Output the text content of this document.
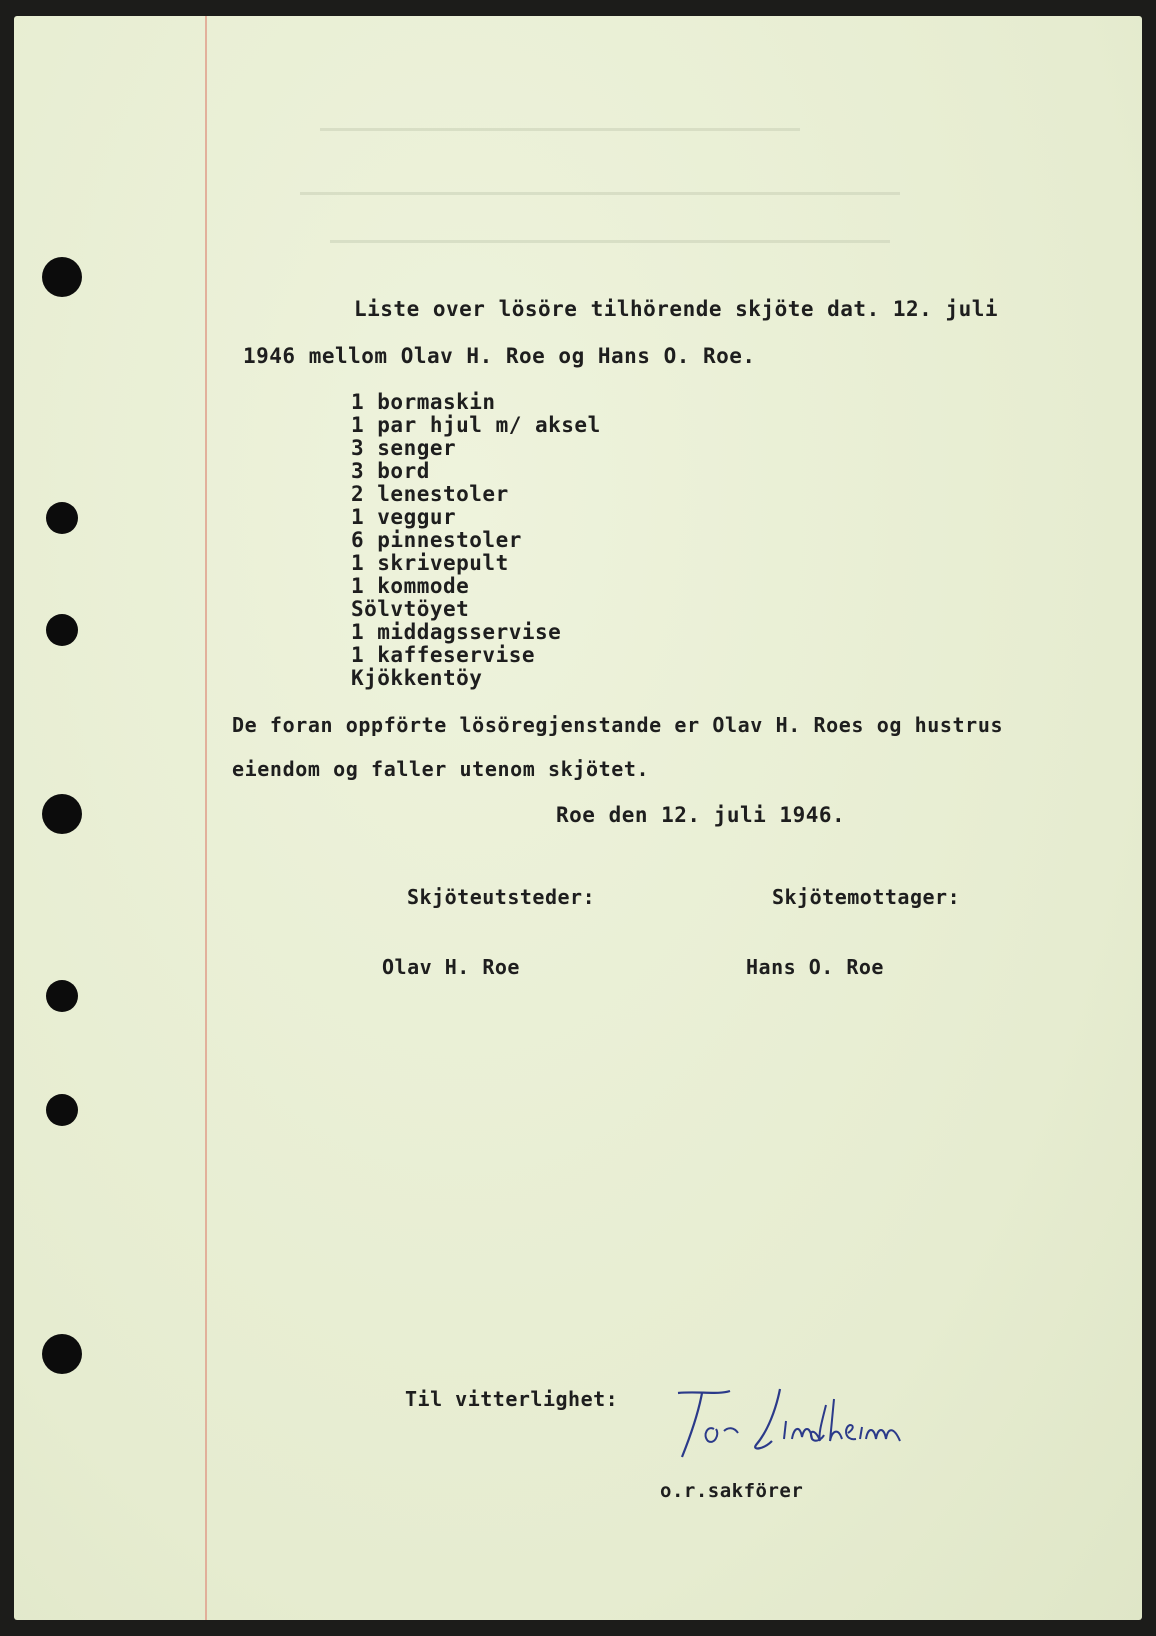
Liste over lösöre tilhörende skjöte dat. 12. juli
1946 mellom Olav H. Roe og Hans O. Roe.
1 bormaskin
1 par hjul m/ aksel
3 senger
3 bord
2 lenestoler
1 veggur
6 pinnestoler
1 skrivepult
1 kommode
Sölvtöyet
1 middagsservise
1 kaffeservise
Kjökkentöy
De foran oppförte lösöregjenstande er Olav H. Roes og hustrus
eiendom og faller utenom skjötet.
Roe den 12. juli 1946.
Skjöteutsteder:	Skjötemottager:
Olav H. Roe	Hans O. Roe
Til vitterlighet:
o.r.sakförer
